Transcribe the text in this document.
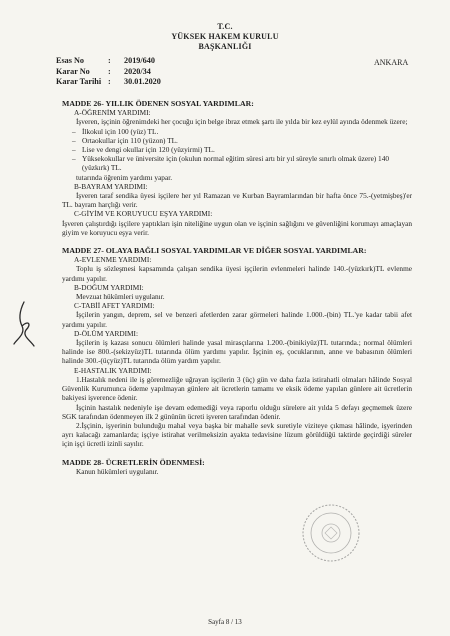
T.C.
YÜKSEK HAKEM KURULU
BAŞKANLIĞI
Esas No	:	2019/640
Karar No	:	2020/34
Karar Tarihi :	30.01.2020
ANKARA

MADDE 26- YILLIK ÖDENEN SOSYAL YARDIMLAR:

A-ÖĞRENİM YARDIMI:

İşveren, işçinin öğrenimdeki her çocuğu için belge ibraz etmek şartı ile yılda bir kez eylül ayında ödenmek üzere;

– İlkokul için 100 (yüz) TL.
– Ortaokullar için 110 (yüzon) TL.
– Lise ve dengi okullar için 120 (yüzyirmi) TL.
– Yüksekokullar ve üniversite için (okulun normal eğitim süresi artı bir yıl süreyle sınırlı olmak üzere) 140 (yüzkırk) TL.

tutarında öğrenim yardımı yapar.

B-BAYRAM YARDIMI:

İşveren taraf sendika üyesi işçilere her yıl Ramazan ve Kurban Bayramlarından bir hafta önce 75.-(yetmişbeş)'er TL. bayram harçlığı verir.

C-GİYİM VE KORUYUCU EŞYA YARDIMI:

İşveren çalıştırdığı işçilere yaptıkları işin niteliğine uygun olan ve işçinin sağlığını ve güvenliğini korumayı amaçlayan giyim ve koruyucu eşya verir.

MADDE 27- OLAYA BAĞLI SOSYAL YARDIMLAR VE DİĞER SOSYAL YARDIMLAR:

A-EVLENME YARDIMI:

Toplu iş sözleşmesi kapsamında çalışan sendika üyesi işçilerin evlenmeleri halinde 140.-(yüzkırk)TL evlenme yardımı yapılır.

B-DOĞUM YARDIMI:

Mevzuat hükümleri uygulanır.

C-TABİİ AFET YARDIMI:

İşçilerin yangın, deprem, sel ve benzeri afetlerden zarar görmeleri halinde 1.000.-(bin) TL.'ye kadar tabii afet yardımı yapılır.

D-ÖLÜM YARDIMI:

İşçilerin iş kazası sonucu ölümleri halinde yasal mirasçılarına 1.200.-(binikiyüz)TL tutarında.; normal ölümleri halinde ise 800.-(sekizyüz)TL tutarında ölüm yardımı yapılır. İşçinin eş, çocuklarının, anne ve babasının ölümleri halinde 300.-(üçyüz)TL tutarında ölüm yardım yapılır.

E-HASTALIK YARDIMI:

1.Hastalık nedeni ile iş göremezliğe uğrayan işçilerin 3 (üç) gün ve daha fazla istirahatli olmaları hâlinde Sosyal Güvenlik Kurumunca ödeme yapılmayan günlere ait ücretlerin tamamı ve eksik ödeme yapılan günlere ait ücretlerin bakiyesi işverence ödenir.

İşçinin hastalık nedeniyle işe devam edemediği veya raporlu olduğu sürelere ait yılda 5 defayı geçmemek üzere SGK tarafından ödenmeyen ilk 2 gününün ücreti işveren tarafından ödenir.

2.İşçinin, işyerinin bulunduğu mahal veya başka bir mahalle sevk suretiyle viziteye çıkması hâlinde, işyerinden ayrı kalacağı zamanlarda; işçiye istirahat verilmeksizin ayakta tedavisine lüzum görüldüğü taktirde geçirdiği süreler için işçi ücretli izinli sayılır.

MADDE 28- ÜCRETLERİN ÖDENMESİ:

Kanun hükümleri uygulanır.

Sayfa 8 / 13
